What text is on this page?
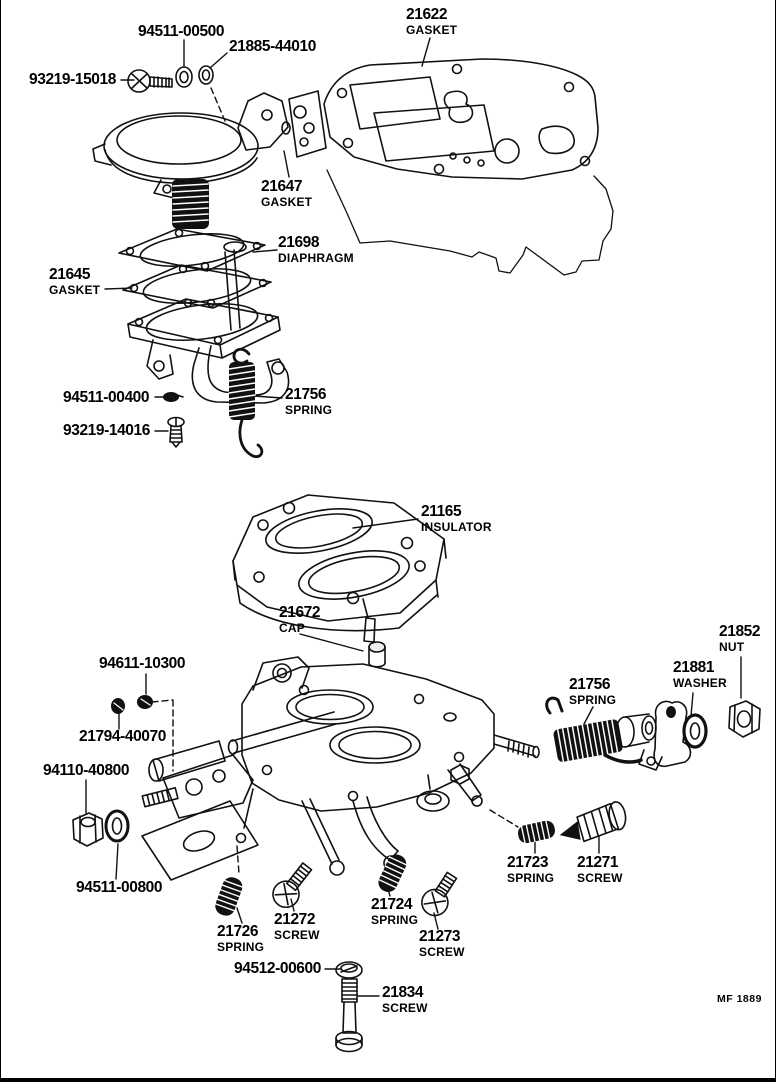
94511-00500
21885-44010
93219-15018
21622
GASKET
21647
GASKET
21698
DIAPHRAGM
21645
GASKET
94511-00400
93219-14016
21756
SPRING
21165
INSULATOR
21672
CAP
94611-10300
21794-40070
94110-40800
94511-00800
21852
NUT
21881
WASHER
21756
SPRING
21723
SPRING
21271
SCREW
21726
SPRING
21272
SCREW
21724
SPRING
21273
SCREW
94512-00600
21834
SCREW
MF 1889
